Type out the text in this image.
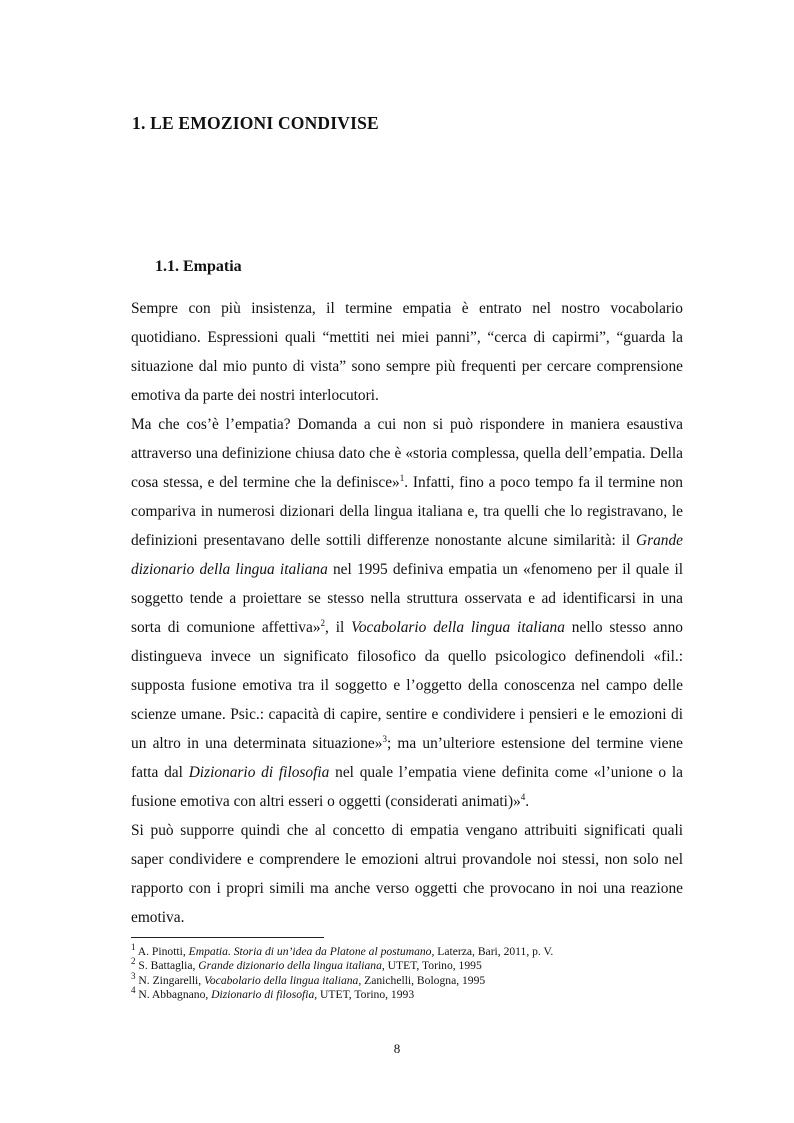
1. LE EMOZIONI CONDIVISE
1.1. Empatia

Sempre con più insistenza, il termine empatia è entrato nel nostro vocabolario quotidiano. Espressioni quali “mettiti nei miei panni”, “cerca di capirmi”, “guarda la situazione dal mio punto di vista” sono sempre più frequenti per cercare comprensione emotiva da parte dei nostri interlocutori.

Ma che cos’è l’empatia? Domanda a cui non si può rispondere in maniera esaustiva attraverso una definizione chiusa dato che è «storia complessa, quella dell’empatia. Della cosa stessa, e del termine che la definisce»$^1$. Infatti, fino a poco tempo fa il termine non compariva in numerosi dizionari della lingua italiana e, tra quelli che lo registravano, le definizioni presentavano delle sottili differenze nonostante alcune similarità: il Grande dizionario della lingua italiana nel 1995 definiva empatia un «fenomeno per il quale il soggetto tende a proiettare se stesso nella struttura osservata e ad identificarsi in una sorta di comunione affettiva»$^2$, il Vocabolario della lingua italiana nello stesso anno distingueva invece un significato filosofico da quello psicologico definendoli «fil.: supposta fusione emotiva tra il soggetto e l’oggetto della conoscenza nel campo delle scienze umane. Psic.: capacità di capire, sentire e condividere i pensieri e le emozioni di un altro in una determinata situazione»$^3$; ma un’ulteriore estensione del termine viene fatta dal Dizionario di filosofia nel quale l’empatia viene definita come «l’unione o la fusione emotiva con altri esseri o oggetti (considerati animati)»$^4$.

Si può supporre quindi che al concetto di empatia vengano attribuiti significati quali saper condividere e comprendere le emozioni altrui provandole noi stessi, non solo nel rapporto con i propri simili ma anche verso oggetti che provocano in noi una reazione emotiva.

$^1$ A. Pinotti, Empatia. Storia di un’idea da Platone al postumano, Laterza, Bari, 2011, p. V.
$^2$ S. Battaglia, Grande dizionario della lingua italiana, UTET, Torino, 1995
$^3$ N. Zingarelli, Vocabolario della lingua italiana, Zanichelli, Bologna, 1995
$^4$ N. Abbagnano, Dizionario di filosofia, UTET, Torino, 1993
8
